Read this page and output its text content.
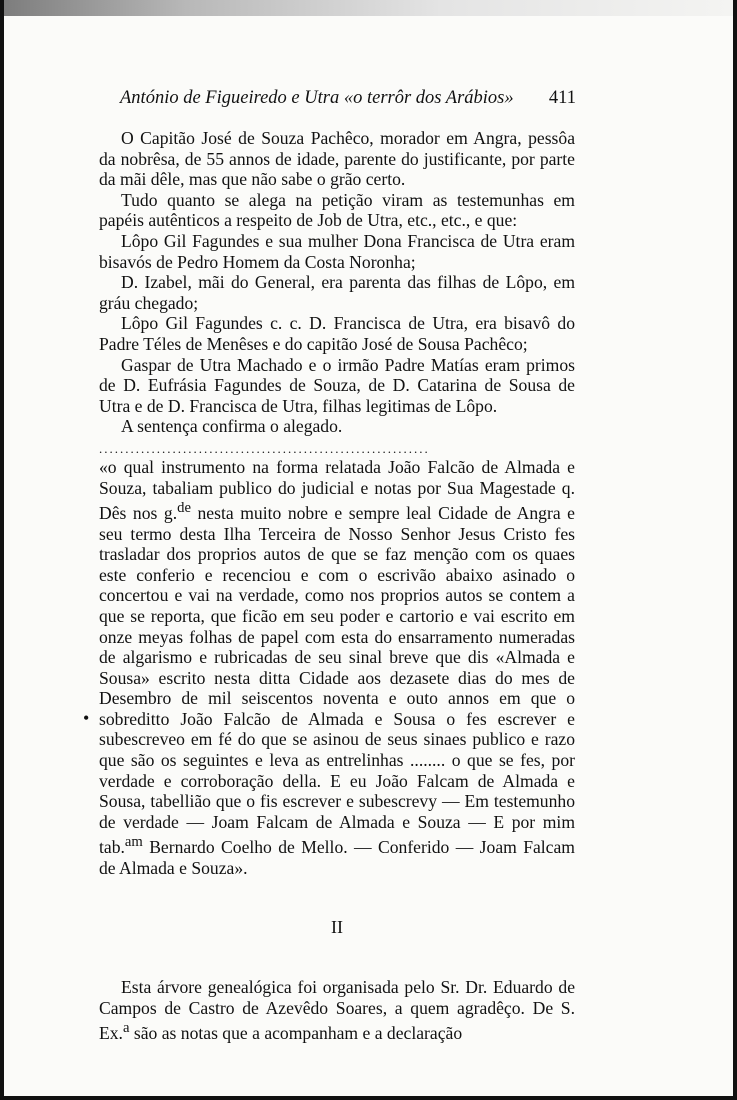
António de Figueiredo e Utra «o terrôr dos Arábios» 411
•

O Capitão José de Souza Pachêco, morador em Angra, pessôa da nobrêsa, de 55 annos de idade, parente do justificante, por parte da mãi dêle, mas que não sabe o grão certo.

Tudo quanto se alega na petição viram as testemunhas em papéis autênticos a respeito de Job de Utra, etc., etc., e que:

Lôpo Gil Fagundes e sua mulher Dona Francisca de Utra eram bisavós de Pedro Homem da Costa Noronha;

D. Izabel, mãi do General, era parenta das filhas de Lôpo, em gráu chegado;

Lôpo Gil Fagundes c. c. D. Francisca de Utra, era bisavô do Padre Téles de Menêses e do capitão José de Sousa Pachêco;

Gaspar de Utra Machado e o irmão Padre Matías eram primos de D. Eufrásia Fagundes de Souza, de D. Catarina de Sousa de Utra e de D. Francisca de Utra, filhas legitimas de Lôpo.

A sentença confirma o alegado.

...............................................................

«o qual instrumento na forma relatada João Falcão de Almada e Souza, tabaliam publico do judicial e notas por Sua Magestade q. Dês nos g.$^{de}$ nesta muito nobre e sempre leal Cidade de Angra e seu termo desta Ilha Terceira de Nosso Senhor Jesus Cristo fes trasladar dos proprios autos de que se faz menção com os quaes este conferio e recenciou e com o escrivão abaixo asinado o concertou e vai na verdade, como nos proprios autos se contem a que se reporta, que ficão em seu poder e cartorio e vai escrito em onze meyas folhas de papel com esta do ensarramento numeradas de algarismo e rubricadas de seu sinal breve que dis «Almada e Sousa» escrito nesta ditta Cidade aos dezasete dias do mes de Desembro de mil seiscentos noventa e outo annos em que o sobreditto João Falcão de Almada e Sousa o fes escrever e subescreveo em fé do que se asinou de seus sinaes publico e razo que são os seguintes e leva as entrelinhas ........ o que se fes, por verdade e corroboração della. E eu João Falcam de Almada e Sousa, tabellião que o fis escrever e subescrevy — Em testemunho de verdade — Joam Falcam de Almada e Souza — E por mim tab.$^{am}$ Bernardo Coelho de Mello. — Conferido — Joam Falcam de Almada e Souza».

II

Esta árvore genealógica foi organisada pelo Sr. Dr. Eduardo de Campos de Castro de Azevêdo Soares, a quem agradêço. De S. Ex.$^a$ são as notas que a acompanham e a declaração
